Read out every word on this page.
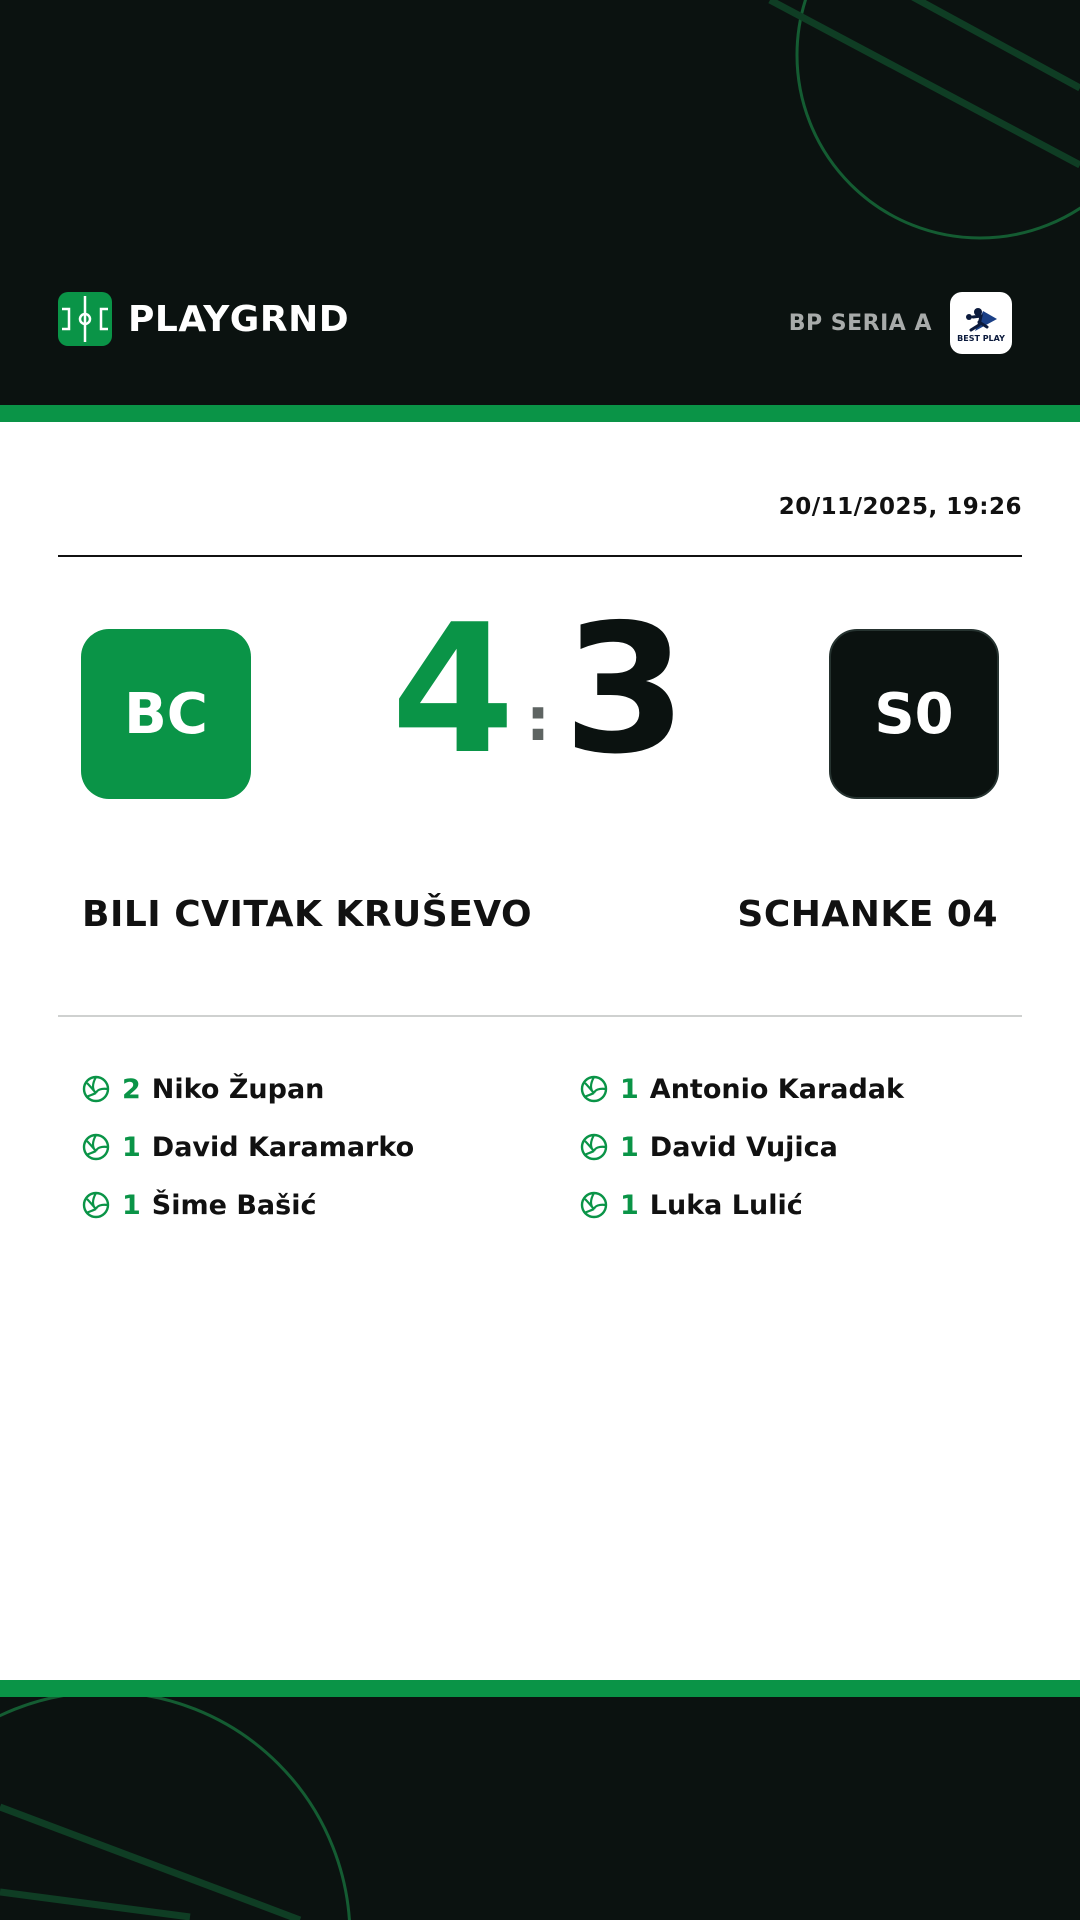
PLAYGRND	BP SERIA A
BEST PLAY
20/11/2025, 19:26
BC 4 : 3	S0
BILI CVITAK KRUŠEVO	SCHANKE 04
2 Niko Župan
1 David Karamarko
1 Šime Bašić
1 Antonio Karadak
1 David Vujica
1 Luka Lulić
